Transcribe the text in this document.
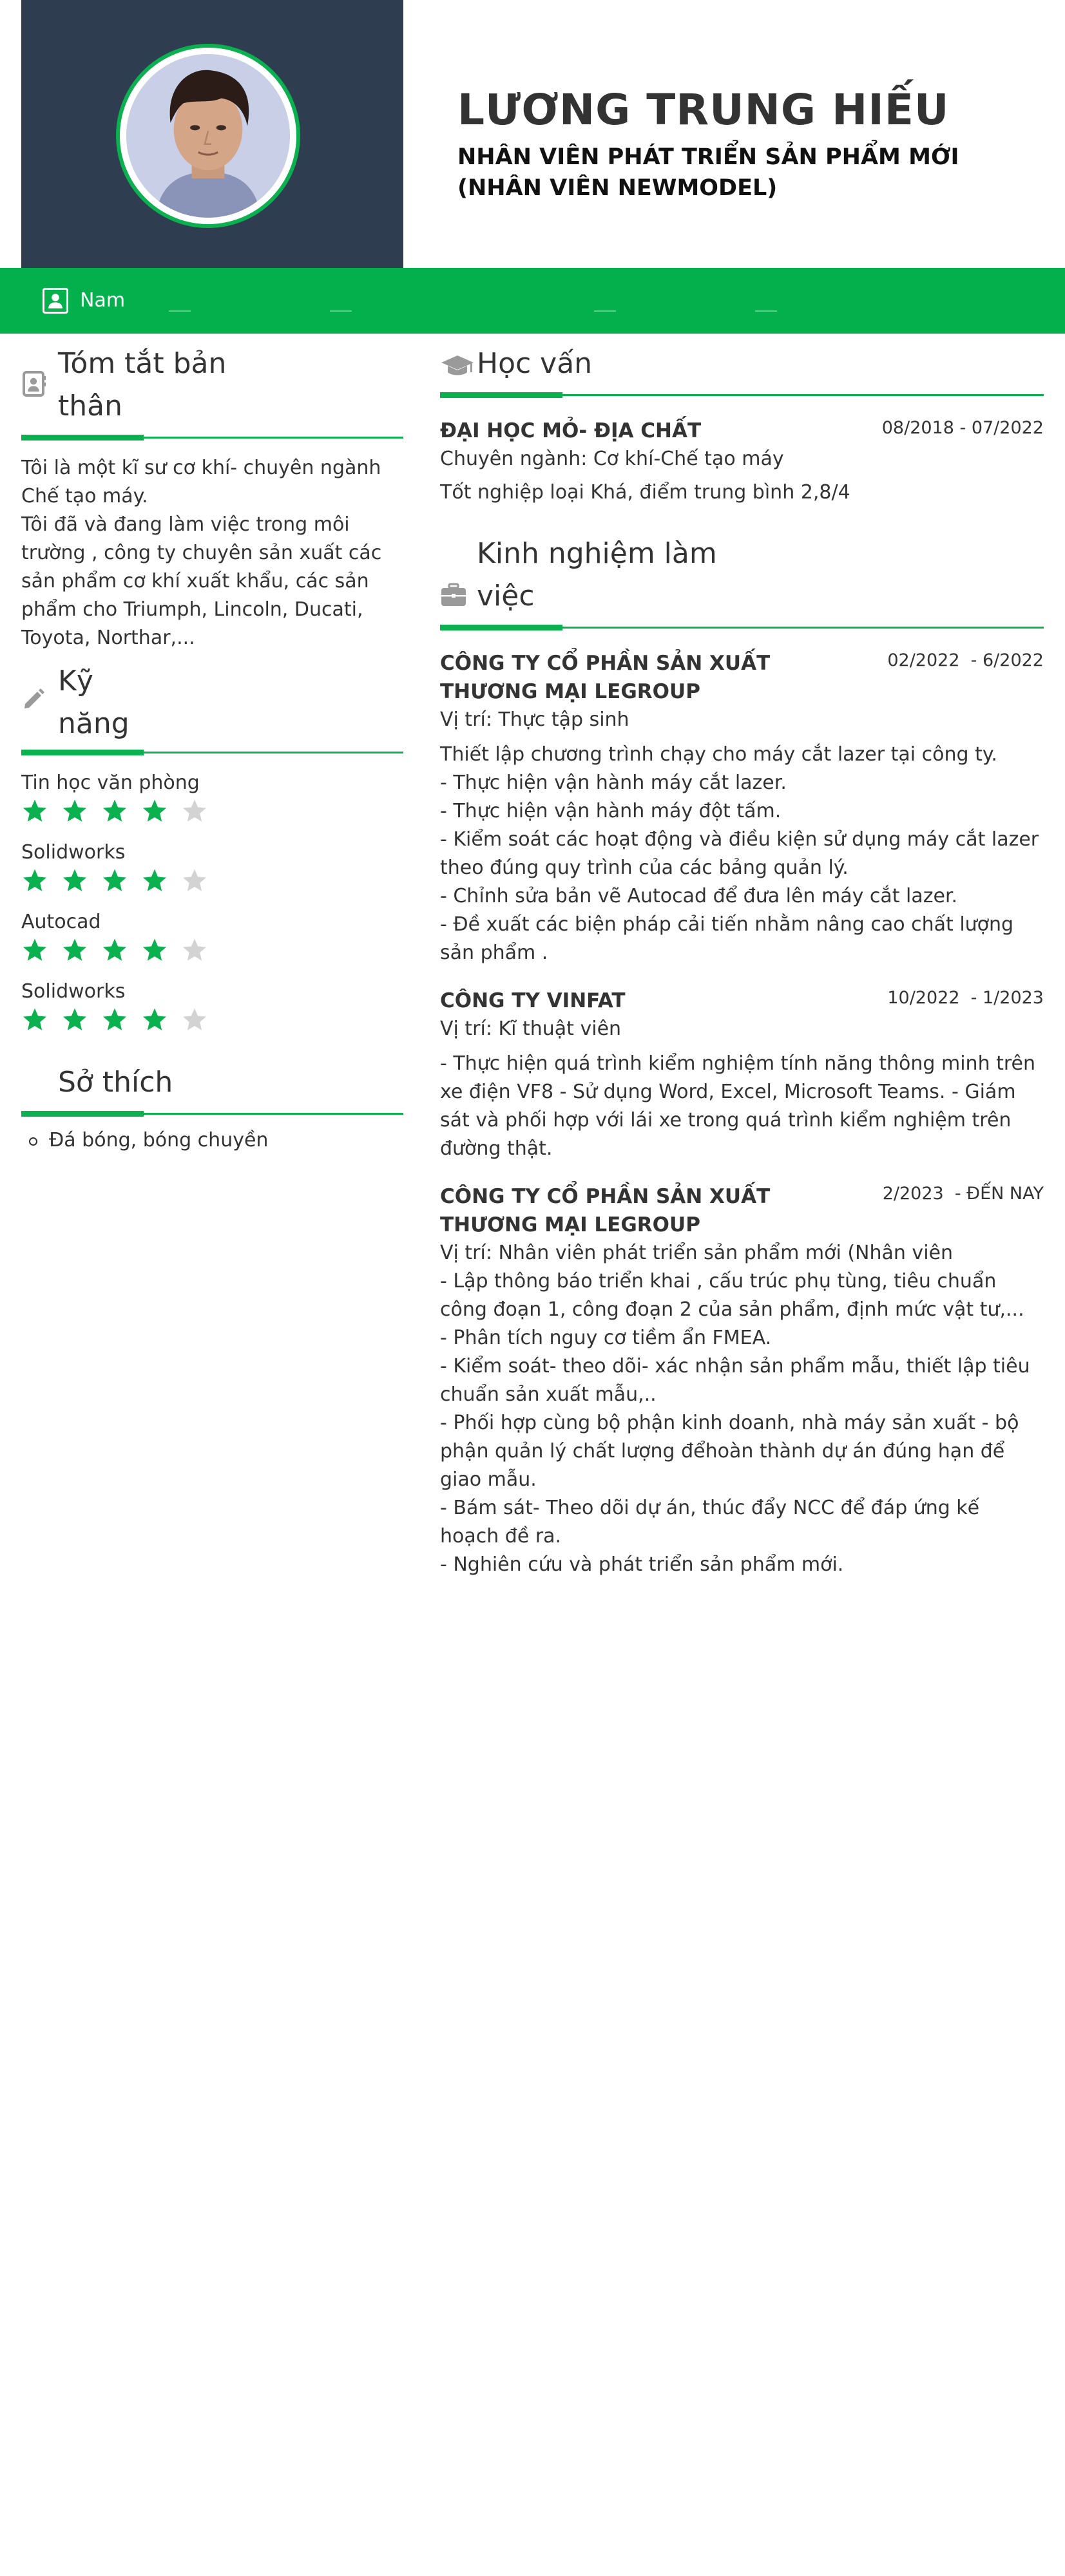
LƯƠNG TRUNG HIẾU
NHÂN VIÊN PHÁT TRIỂN SẢN PHẨM MỚI (NHÂN VIÊN NEWMODEL)
Nam
Tóm tắt bản
thân
Tôi là một kĩ sư cơ khí- chuyên ngành Chế tạo máy.
Tôi đã và đang làm việc trong môi trường , công ty chuyên sản xuất các sản phẩm cơ khí xuất khẩu, các sản phẩm cho Triumph, Lincoln, Ducati, Toyota, Northar,...
Kỹ
năng
Tin học văn phòng
Solidworks
Autocad
Solidworks
Sở thích
Đá bóng, bóng chuyền
Học vấn
08/2018 - 07/2022
ĐẠI HỌC MỎ- ĐỊA CHẤT
Chuyên ngành: Cơ khí-Chế tạo máy
Tốt nghiệp loại Khá, điểm trung bình 2,8/4
Kinh nghiệm làm
việc
02/2022  - 6/2022
CÔNG TY CỔ PHẦN SẢN XUẤT
THƯƠNG MẠI LEGROUP
Vị trí: Thực tập sinh
Thiết lập chương trình chạy cho máy cắt lazer tại công ty.
- Thực hiện vận hành máy cắt lazer.
- Thực hiện vận hành máy đột tấm.
- Kiểm soát các hoạt động và điều kiện sử dụng máy cắt lazer theo đúng quy trình của các bảng quản lý.
- Chỉnh sửa bản vẽ Autocad để đưa lên máy cắt lazer.
- Đề xuất các biện pháp cải tiến nhằm nâng cao chất lượng sản phẩm .
10/2022  - 1/2023
CÔNG TY VINFAT
Vị trí: Kĩ thuật viên
- Thực hiện quá trình kiểm nghiệm tính năng thông minh trên xe điện VF8 - Sử dụng Word, Excel, Microsoft Teams. - Giám sát và phối hợp với lái xe trong quá trình kiểm nghiệm trên đường thật.
2/2023  - ĐẾN NAY
CÔNG TY CỔ PHẦN SẢN XUẤT
THƯƠNG MẠI LEGROUP
Vị trí: Nhân viên phát triển sản phẩm mới (Nhân viên
- Lập thông báo triển khai , cấu trúc phụ tùng, tiêu chuẩn công đoạn 1, công đoạn 2 của sản phẩm, định mức vật tư,...
- Phân tích nguy cơ tiềm ẩn FMEA.
- Kiểm soát- theo dõi- xác nhận sản phẩm mẫu, thiết lập tiêu chuẩn sản xuất mẫu,..
- Phối hợp cùng bộ phận kinh doanh, nhà máy sản xuất - bộ phận quản lý chất lượng đểhoàn thành dự án đúng hạn để giao mẫu.
- Bám sát- Theo dõi dự án, thúc đẩy NCC để đáp ứng kế hoạch đề ra.
- Nghiên cứu và phát triển sản phẩm mới.
